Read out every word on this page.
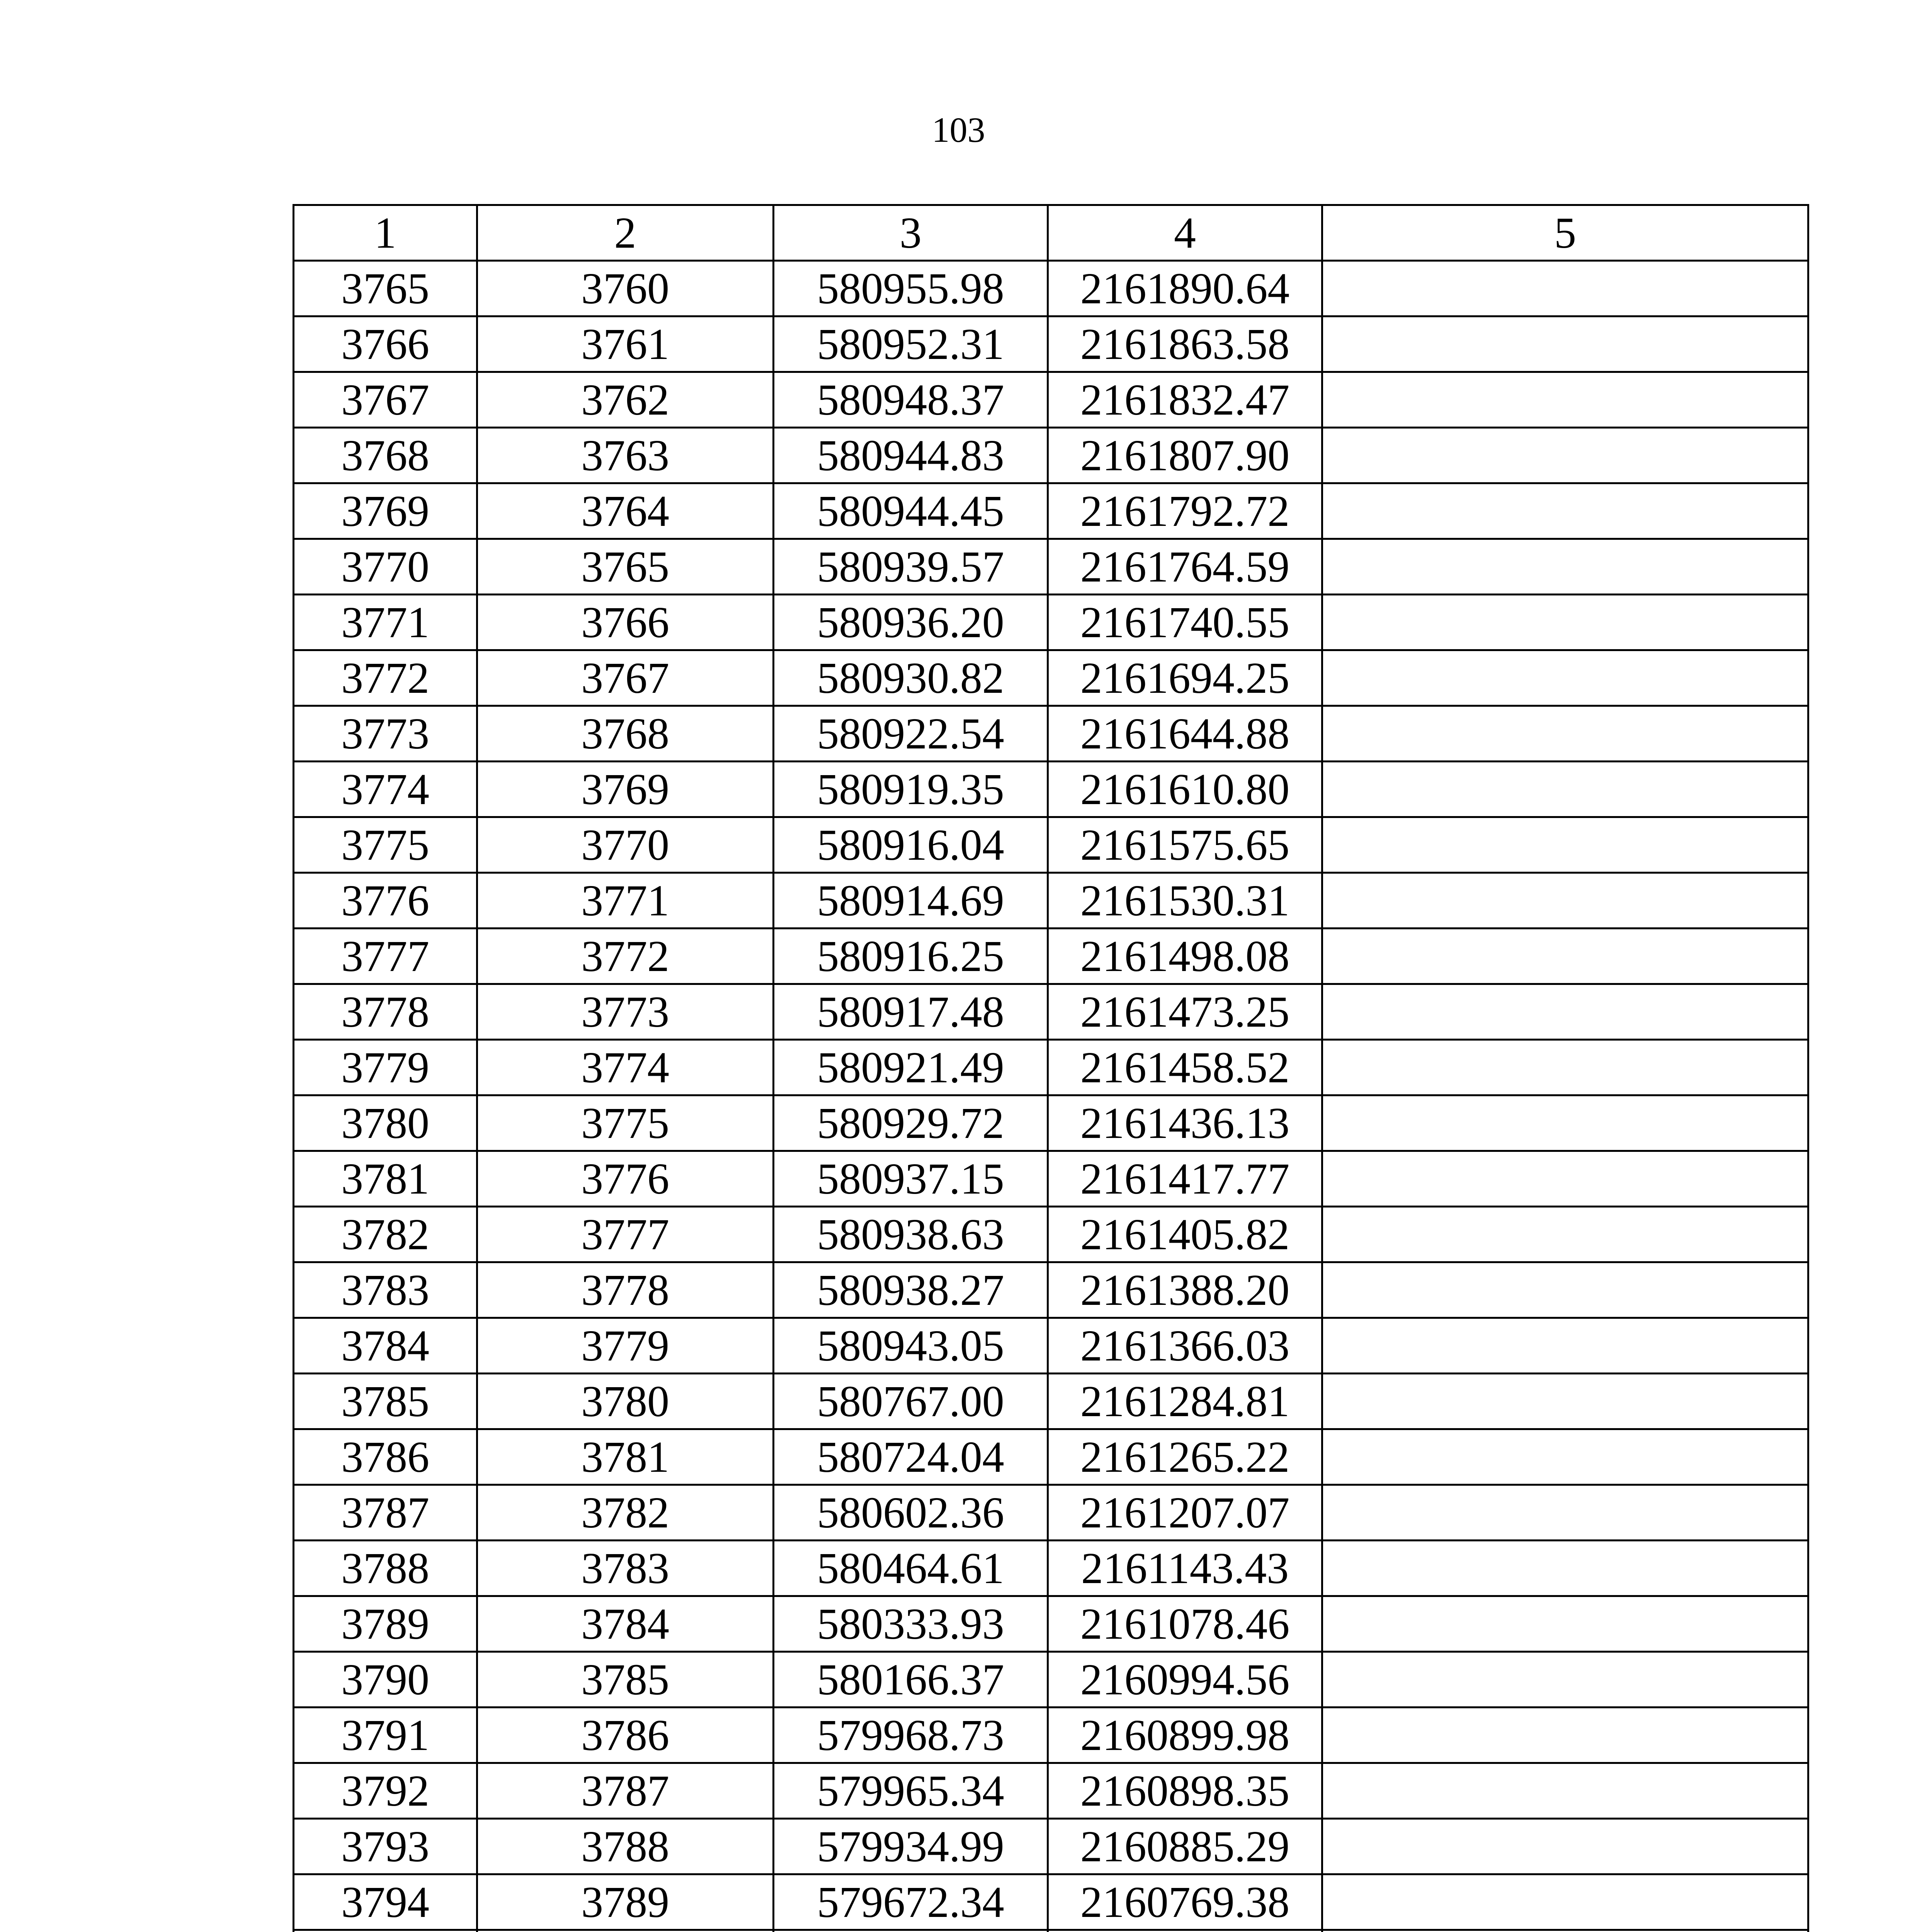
103
1	2	3	4	5
3765	3760	580955.98	2161890.64	
3766	3761	580952.31	2161863.58	
3767	3762	580948.37	2161832.47	
3768	3763	580944.83	2161807.90	
3769	3764	580944.45	2161792.72	
3770	3765	580939.57	2161764.59	
3771	3766	580936.20	2161740.55	
3772	3767	580930.82	2161694.25	
3773	3768	580922.54	2161644.88	
3774	3769	580919.35	2161610.80	
3775	3770	580916.04	2161575.65	
3776	3771	580914.69	2161530.31	
3777	3772	580916.25	2161498.08	
3778	3773	580917.48	2161473.25	
3779	3774	580921.49	2161458.52	
3780	3775	580929.72	2161436.13	
3781	3776	580937.15	2161417.77	
3782	3777	580938.63	2161405.82	
3783	3778	580938.27	2161388.20	
3784	3779	580943.05	2161366.03	
3785	3780	580767.00	2161284.81	
3786	3781	580724.04	2161265.22	
3787	3782	580602.36	2161207.07	
3788	3783	580464.61	2161143.43	
3789	3784	580333.93	2161078.46	
3790	3785	580166.37	2160994.56	
3791	3786	579968.73	2160899.98	
3792	3787	579965.34	2160898.35	
3793	3788	579934.99	2160885.29	
3794	3789	579672.34	2160769.38	
